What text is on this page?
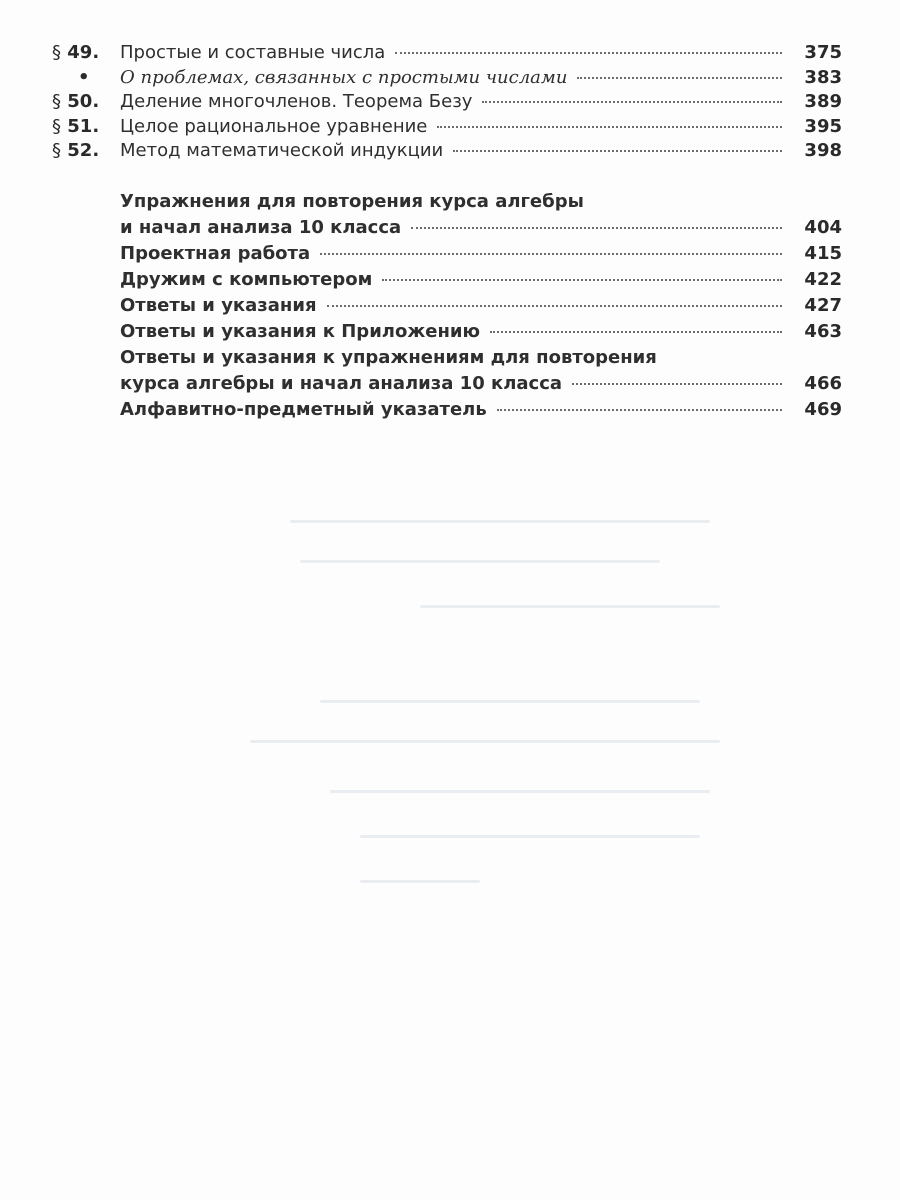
§ 49.	Простые и составные числа	375
•	О проблемах, связанных с простыми числами	383
§ 50.	Деление многочленов. Теорема Безу	389
§ 51.	Целое рациональное уравнение	395
§ 52.	Метод математической индукции	398
Упражнения для повторения курса алгебры
и начал анализа 10 класса	404
Проектная работа	415
Дружим с компьютером	422
Ответы и указания	427
Ответы и указания к Приложению	463
Ответы и указания к упражнениям для повторения
курса алгебры и начал анализа 10 класса	466
Алфавитно-предметный указатель	469
